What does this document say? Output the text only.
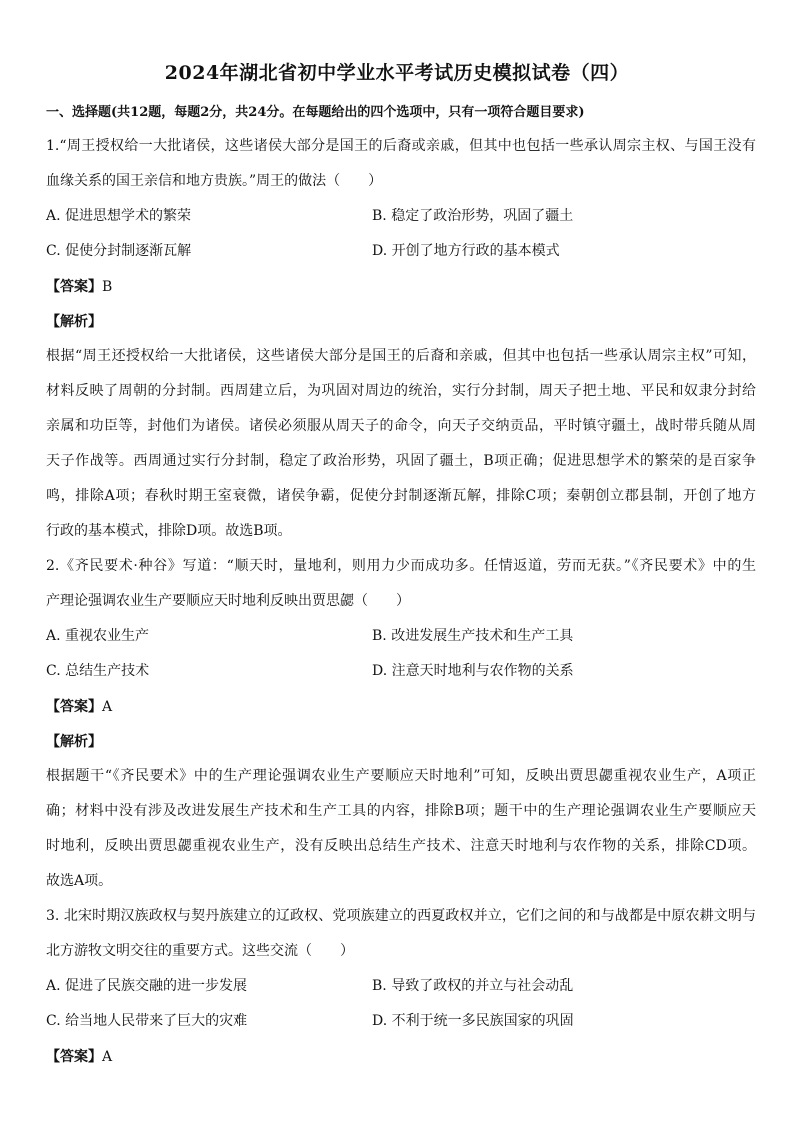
2024年湖北省初中学业水平考试历史模拟试卷（四）
一、选择题(共12题，每题2分，共24分。在每题给出的四个选项中，只有一项符合题目要求)
1.“周王授权给一大批诸侯，这些诸侯大部分是国王的后裔或亲戚，但其中也包括一些承认周宗主权、与国王没有
血缘关系的国王亲信和地方贵族。”周王的做法（　　）
A. 促进思想学术的繁荣	B. 稳定了政治形势，巩固了疆土
C. 促使分封制逐渐瓦解	D. 开创了地方行政的基本模式
【答案】B
【解析】
根据“周王还授权给一大批诸侯，这些诸侯大部分是国王的后裔和亲戚，但其中也包括一些承认周宗主权”可知，
材料反映了周朝的分封制。西周建立后，为巩固对周边的统治，实行分封制，周天子把土地、平民和奴隶分封给
亲属和功臣等，封他们为诸侯。诸侯必须服从周天子的命令，向天子交纳贡品，平时镇守疆土，战时带兵随从周
天子作战等。西周通过实行分封制，稳定了政治形势，巩固了疆土，B项正确；促进思想学术的繁荣的是百家争
鸣，排除A项；春秋时期王室衰微，诸侯争霸，促使分封制逐渐瓦解，排除C项；秦朝创立郡县制，开创了地方
行政的基本模式，排除D项。故选B项。
2.《齐民要术·种谷》写道：“顺天时，量地利，则用力少而成功多。任情返道，劳而无获。”《齐民要术》中的生
产理论强调农业生产要顺应天时地利反映出贾思勰（　　）
A. 重视农业生产	B. 改进发展生产技术和生产工具
C. 总结生产技术	D. 注意天时地利与农作物的关系
【答案】A
【解析】
根据题干“《齐民要术》中的生产理论强调农业生产要顺应天时地利”可知，反映出贾思勰重视农业生产，A项正
确；材料中没有涉及改进发展生产技术和生产工具的内容，排除B项；题干中的生产理论强调农业生产要顺应天
时地利，反映出贾思勰重视农业生产，没有反映出总结生产技术、注意天时地利与农作物的关系，排除CD项。
故选A项。
3. 北宋时期汉族政权与契丹族建立的辽政权、党项族建立的西夏政权并立，它们之间的和与战都是中原农耕文明与
北方游牧文明交往的重要方式。这些交流（　　）
A. 促进了民族交融的进一步发展	B. 导致了政权的并立与社会动乱
C. 给当地人民带来了巨大的灾难	D. 不利于统一多民族国家的巩固
【答案】A
